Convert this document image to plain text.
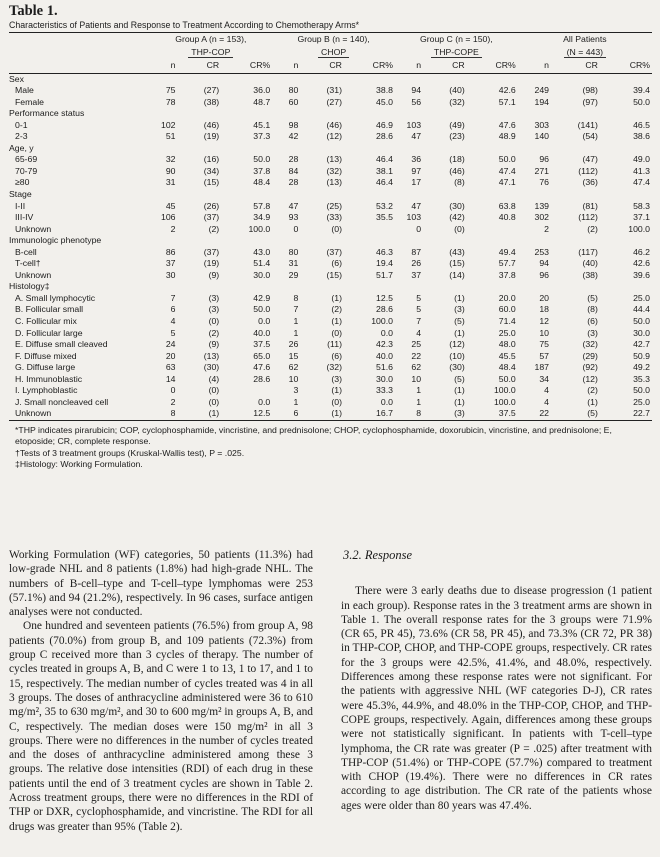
Table 1.
Characteristics of Patients and Response to Treatment According to Chemotherapy Arms*
	Group A (n = 153),			Group B (n = 140),			Group C (n = 150),			All Patients		
	THP-COP			CHOP			THP-COPE			(N = 443)		
	n	CR	CR%	n	CR	CR%	n	CR	CR%	n	CR	CR%
Sex												
Male	75	(27)	36.0	80	(31)	38.8	94	(40)	42.6	249	(98)	39.4
Female	78	(38)	48.7	60	(27)	45.0	56	(32)	57.1	194	(97)	50.0
Performance status												
0-1	102	(46)	45.1	98	(46)	46.9	103	(49)	47.6	303	(141)	46.5
2-3	51	(19)	37.3	42	(12)	28.6	47	(23)	48.9	140	(54)	38.6
Age, y												
65-69	32	(16)	50.0	28	(13)	46.4	36	(18)	50.0	96	(47)	49.0
70-79	90	(34)	37.8	84	(32)	38.1	97	(46)	47.4	271	(112)	41.3
≥80	31	(15)	48.4	28	(13)	46.4	17	(8)	47.1	76	(36)	47.4
Stage												
I-II	45	(26)	57.8	47	(25)	53.2	47	(30)	63.8	139	(81)	58.3
III-IV	106	(37)	34.9	93	(33)	35.5	103	(42)	40.8	302	(112)	37.1
Unknown	2	(2)	100.0	0	(0)		0	(0)		2	(2)	100.0
Immunologic phenotype												
B-cell	86	(37)	43.0	80	(37)	46.3	87	(43)	49.4	253	(117)	46.2
T-cell†	37	(19)	51.4	31	(6)	19.4	26	(15)	57.7	94	(40)	42.6
Unknown	30	(9)	30.0	29	(15)	51.7	37	(14)	37.8	96	(38)	39.6
Histology‡												
A. Small lymphocytic	7	(3)	42.9	8	(1)	12.5	5	(1)	20.0	20	(5)	25.0
B. Follicular small	6	(3)	50.0	7	(2)	28.6	5	(3)	60.0	18	(8)	44.4
C. Follicular mix	4	(0)	0.0	1	(1)	100.0	7	(5)	71.4	12	(6)	50.0
D. Follicular large	5	(2)	40.0	1	(0)	0.0	4	(1)	25.0	10	(3)	30.0
E. Diffuse small cleaved	24	(9)	37.5	26	(11)	42.3	25	(12)	48.0	75	(32)	42.7
F. Diffuse mixed	20	(13)	65.0	15	(6)	40.0	22	(10)	45.5	57	(29)	50.9
G. Diffuse large	63	(30)	47.6	62	(32)	51.6	62	(30)	48.4	187	(92)	49.2
H. Immunoblastic	14	(4)	28.6	10	(3)	30.0	10	(5)	50.0	34	(12)	35.3
I. Lymphoblastic	0	(0)		3	(1)	33.3	1	(1)	100.0	4	(2)	50.0
J. Small noncleaved cell	2	(0)	0.0	1	(0)	0.0	1	(1)	100.0	4	(1)	25.0
Unknown	8	(1)	12.5	6	(1)	16.7	8	(3)	37.5	22	(5)	22.7
*THP indicates pirarubicin; COP, cyclophosphamide, vincristine, and prednisolone; CHOP, cyclophosphamide, doxorubicin, vincristine, and prednisolone; E, etoposide; CR, complete response.
†Tests of 3 treatment groups (Kruskal-Wallis test), P = .025.
‡Histology: Working Formulation.

Working Formulation (WF) categories, 50 patients (11.3%) had low-grade NHL and 8 patients (1.8%) had high-grade NHL. The numbers of B-cell–type and T-cell–type lymphomas were 253 (57.1%) and 94 (21.2%), respectively. In 96 cases, surface antigen analyses were not conducted.

One hundred and seventeen patients (76.5%) from group A, 98 patients (70.0%) from group B, and 109 patients (72.3%) from group C received more than 3 cycles of therapy. The number of cycles treated in groups A, B, and C were 1 to 13, 1 to 17, and 1 to 15, respectively. The median number of cycles treated was 4 in all 3 groups. The doses of anthracycline administered were 36 to 610 mg/m², 35 to 630 mg/m², and 30 to 600 mg/m² in groups A, B, and C, respectively. The median doses were 150 mg/m² in all 3 groups. There were no differences in the number of cycles treated and the doses of anthracycline administered among these 3 groups. The relative dose intensities (RDI) of each drug in these patients until the end of 3 treatment cycles are shown in Table 2. Across treatment groups, there were no differences in the RDI of THP or DXR, cyclophosphamide, and vincristine. The RDI for all drugs was greater than 95% (Table 2).

3.2. Response

There were 3 early deaths due to disease progression (1 patient in each group). Response rates in the 3 treatment arms are shown in Table 1. The overall response rates for the 3 groups were 71.9% (CR 65, PR 45), 73.6% (CR 58, PR 45), and 73.3% (CR 72, PR 38) in THP-COP, CHOP, and THP-COPE groups, respectively. CR rates for the 3 groups were 42.5%, 41.4%, and 48.0%, respectively. Differences among these response rates were not significant. For the patients with aggressive NHL (WF categories D-J), CR rates were 45.3%, 44.9%, and 48.0% in the THP-COP, CHOP, and THP-COPE groups, respectively. Again, differences among these groups were not statistically significant. In patients with T-cell–type lymphoma, the CR rate was greater (P = .025) after treatment with THP-COP (51.4%) or THP-COPE (57.7%) compared to treatment with CHOP (19.4%). There were no differences in CR rates according to age distribution. The CR rate of the patients whose ages were older than 80 years was 47.4%.
